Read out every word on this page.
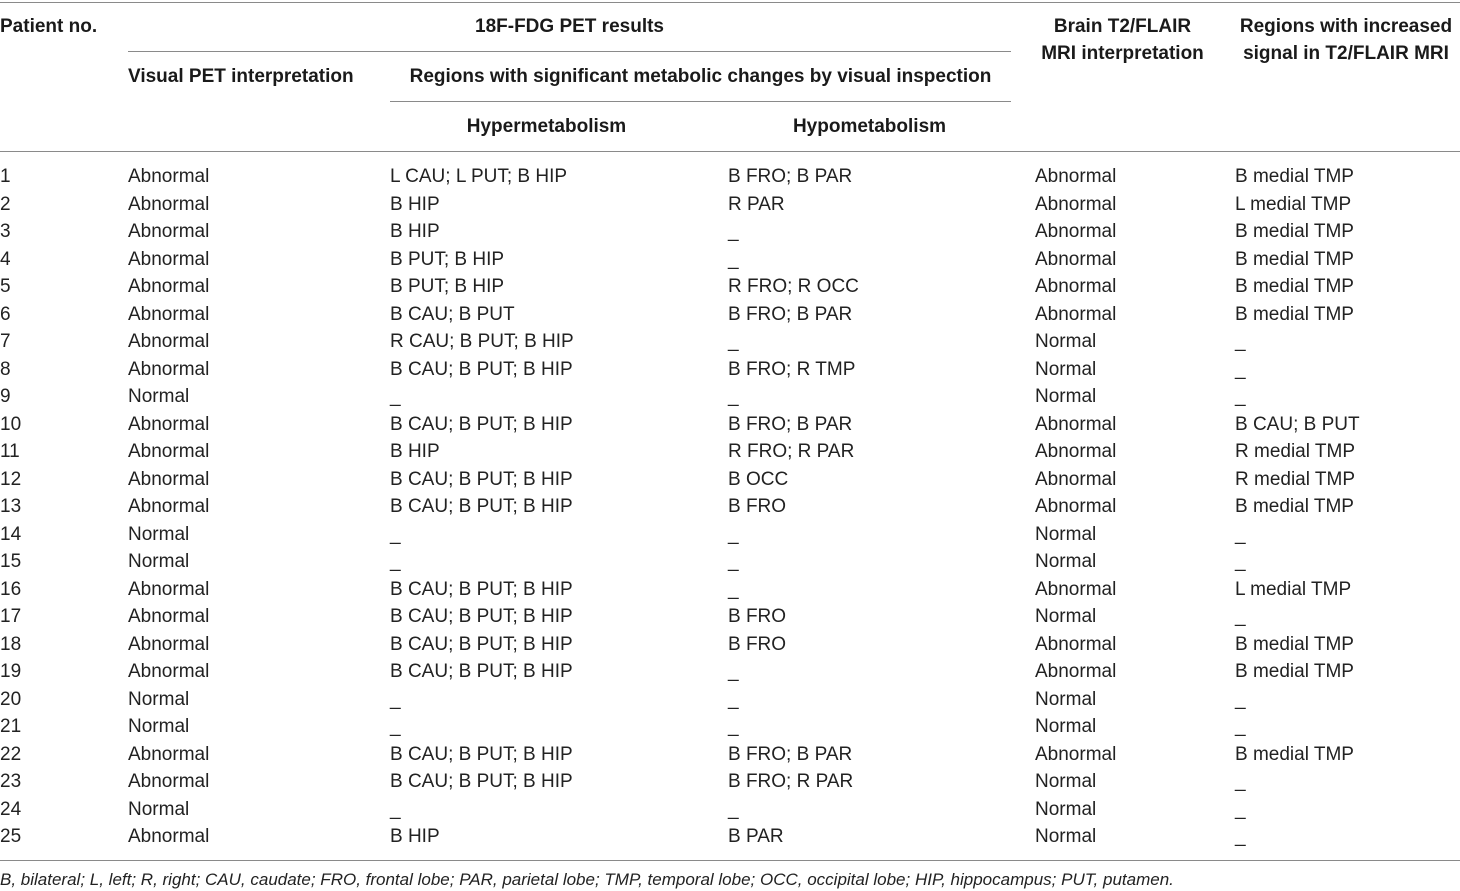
Patient no.	18F-FDG PET results
Visual PET interpretation	Regions with significant metabolic changes by visual inspection
Hypermetabolism	Hypometabolism
Brain T2/FLAIR
MRI interpretation
Regions with increased
signal in T2/FLAIR MRI
1	Abnormal	L CAU; L PUT; B HIP	B FRO; B PAR	Abnormal	B medial TMP
2	Abnormal	B HIP	R PAR	Abnormal	L medial TMP
3	Abnormal	B HIP	_	Abnormal	B medial TMP
4	Abnormal	B PUT; B HIP	_	Abnormal	B medial TMP
5	Abnormal	B PUT; B HIP	R FRO; R OCC	Abnormal	B medial TMP
6	Abnormal	B CAU; B PUT	B FRO; B PAR	Abnormal	B medial TMP
7	Abnormal	R CAU; B PUT; B HIP	_	Normal	_
8	Abnormal	B CAU; B PUT; B HIP	B FRO; R TMP	Normal	_
9	Normal	_	_	Normal	_
10	Abnormal	B CAU; B PUT; B HIP	B FRO; B PAR	Abnormal	B CAU; B PUT
11	Abnormal	B HIP	R FRO; R PAR	Abnormal	R medial TMP
12	Abnormal	B CAU; B PUT; B HIP	B OCC	Abnormal	R medial TMP
13	Abnormal	B CAU; B PUT; B HIP	B FRO	Abnormal	B medial TMP
14	Normal	_	_	Normal	_
15	Normal	_	_	Normal	_
16	Abnormal	B CAU; B PUT; B HIP	_	Abnormal	L medial TMP
17	Abnormal	B CAU; B PUT; B HIP	B FRO	Normal	_
18	Abnormal	B CAU; B PUT; B HIP	B FRO	Abnormal	B medial TMP
19	Abnormal	B CAU; B PUT; B HIP	_	Abnormal	B medial TMP
20	Normal	_	_	Normal	_
21	Normal	_	_	Normal	_
22	Abnormal	B CAU; B PUT; B HIP	B FRO; B PAR	Abnormal	B medial TMP
23	Abnormal	B CAU; B PUT; B HIP	B FRO; R PAR	Normal	_
24	Normal	_	_	Normal	_
25	Abnormal	B HIP	B PAR	Normal	_
B, bilateral; L, left; R, right; CAU, caudate; FRO, frontal lobe; PAR, parietal lobe; TMP, temporal lobe; OCC, occipital lobe; HIP, hippocampus; PUT, putamen.
